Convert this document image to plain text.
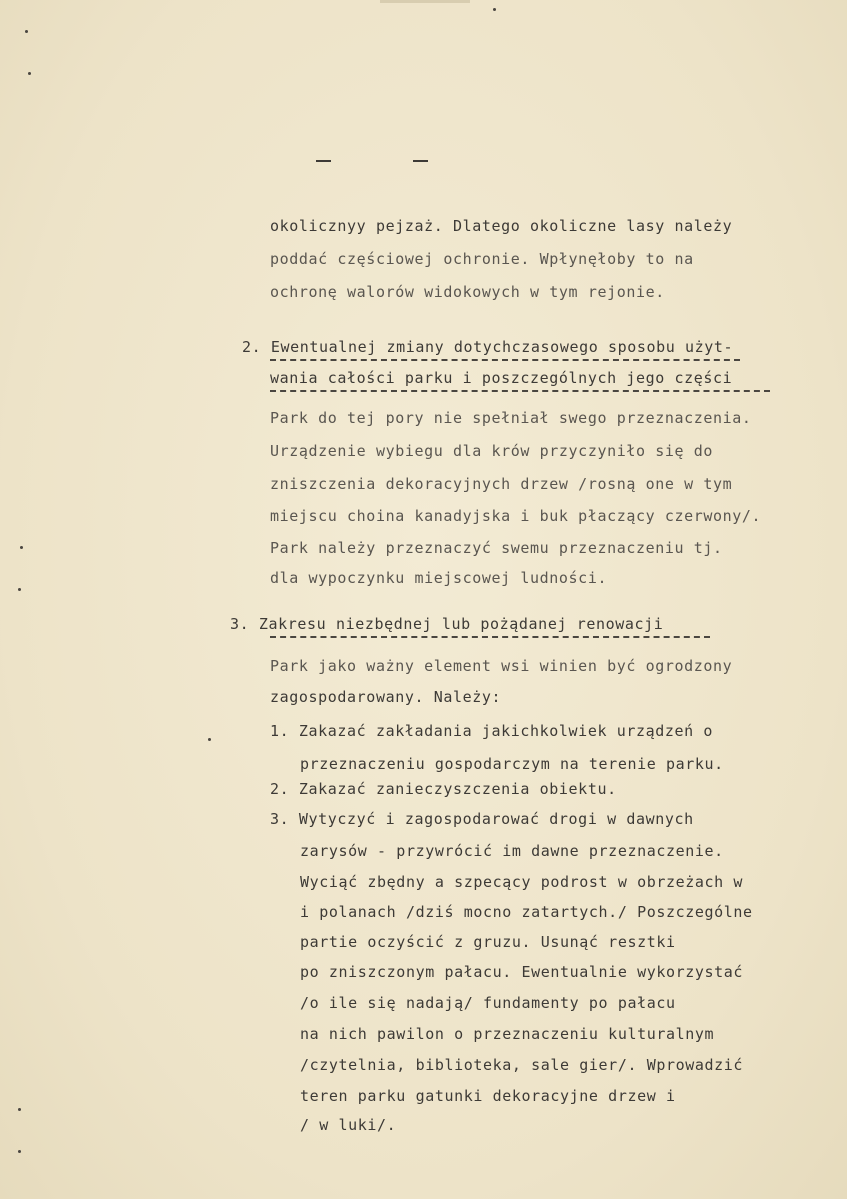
okolicznyy pejzaż. Dlatego okoliczne lasy należy
poddać częściowej ochronie. Wpłynęłoby to na
ochronę walorów widokowych w tym rejonie.
2. Ewentualnej zmiany dotychczasowego sposobu użyt-
wania całości parku i poszczególnych jego części
Park do tej pory nie spełniał swego przeznaczenia.
Urządzenie wybiegu dla krów przyczyniło się do
zniszczenia dekoracyjnych drzew /rosną one w tym
miejscu choina kanadyjska i buk płaczący czerwony/.
Park należy przeznaczyć swemu przeznaczeniu tj.
dla wypoczynku miejscowej ludności.
3. Zakresu niezbędnej lub pożądanej renowacji
Park jako ważny element wsi winien być ogrodzony
zagospodarowany. Należy:
1. Zakazać zakładania jakichkolwiek urządzeń o
przeznaczeniu gospodarczym na terenie parku.
2. Zakazać zanieczyszczenia obiektu.
3. Wytyczyć i zagospodarować drogi w dawnych
zarysów - przywrócić im dawne przeznaczenie.
Wyciąć zbędny a szpecący podrost w obrzeżach w
i polanach /dziś mocno zatartych./ Poszczególne
partie oczyścić z gruzu. Usunąć resztki
po zniszczonym pałacu. Ewentualnie wykorzystać
/o ile się nadają/ fundamenty po pałacu
na nich pawilon o przeznaczeniu kulturalnym
/czytelnia, biblioteka, sale gier/. Wprowadzić
teren parku gatunki dekoracyjne drzew i
/ w luki/.
